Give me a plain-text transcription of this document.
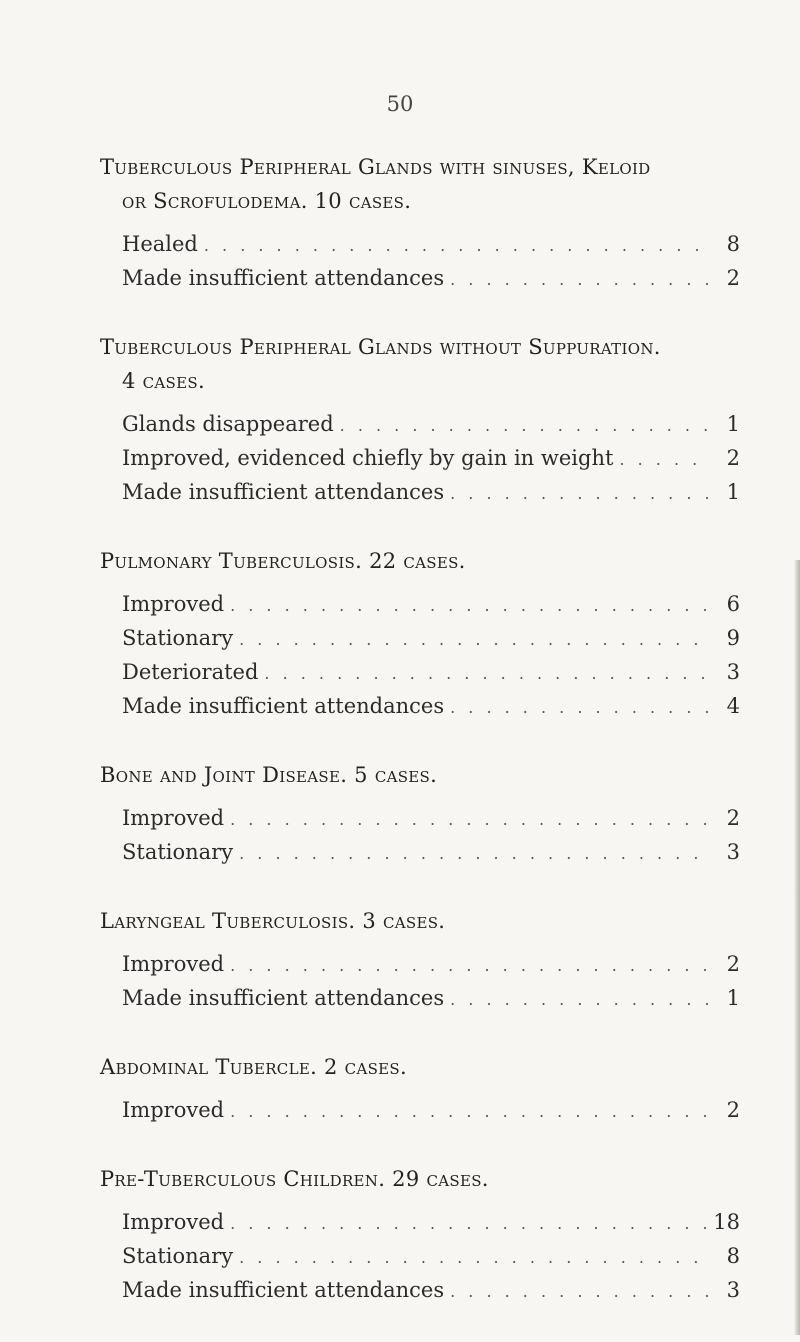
50
Tuberculous Peripheral Glands with sinuses, Keloid
or Scrofulodema. 10 cases.
Healed . . .	8
Made insufficient attendances . . .	2
Tuberculous Peripheral Glands without Suppuration.
4 cases.
Glands disappeared . . .	1
Improved, evidenced chiefly by gain in weight . . .	2
Made insufficient attendances . . .	1
Pulmonary Tuberculosis. 22 cases.
Improved . . .	6
Stationary . . .	9
Deteriorated . . .	3
Made insufficient attendances . . .	4
Bone and Joint Disease. 5 cases.
Improved . . .	2
Stationary . . .	3
Laryngeal Tuberculosis. 3 cases.
Improved . . .	2
Made insufficient attendances . . .	1
Abdominal Tubercle. 2 cases.
Improved . . .	2
Pre-Tuberculous Children. 29 cases.
Improved . . .	18
Stationary . . .	8
Made insufficient attendances . . .	3
